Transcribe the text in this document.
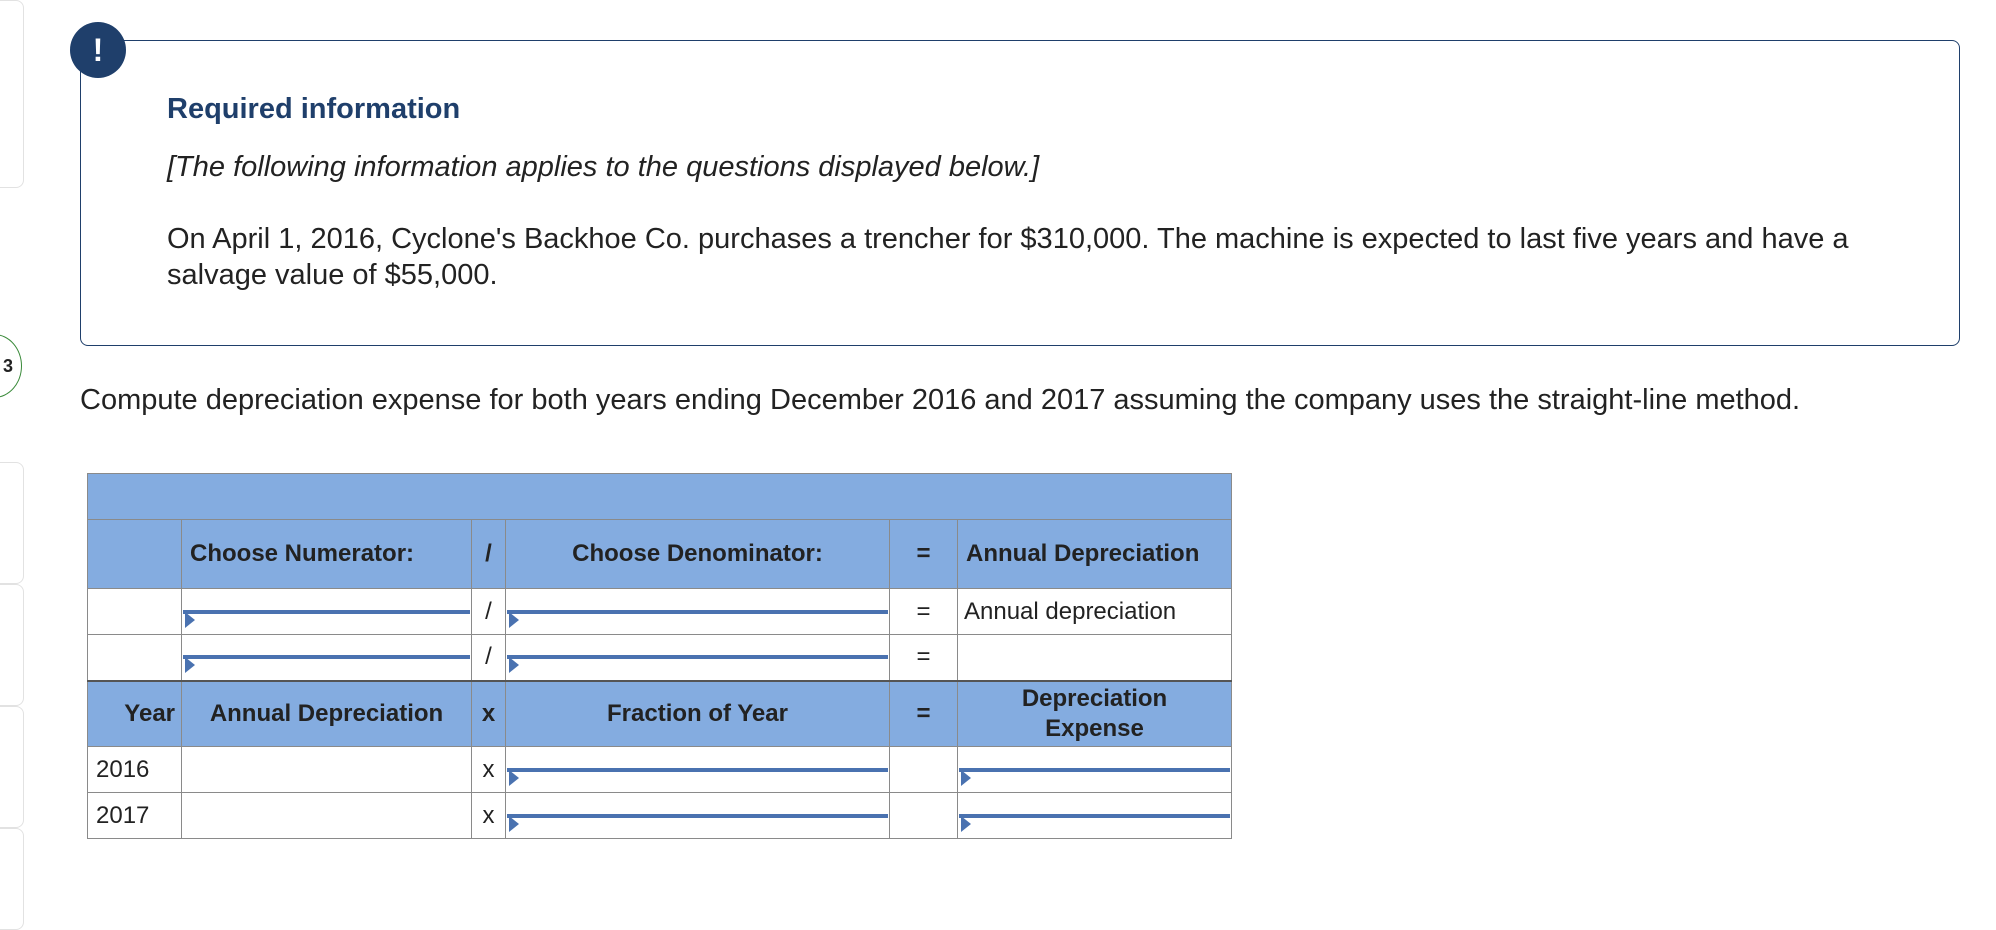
3
Required information
[The following information applies to the questions displayed below.]
On April 1, 2016, Cyclone's Backhoe Co. purchases a trencher for $310,000. The machine is expected to last five years and have a salvage value of $55,000.
!
Compute depreciation expense for both years ending December 2016 and 2017 assuming the company uses the straight-line method.

	Choose Numerator:	/	Choose Denominator:	=	Annual Depreciation

	/		=	Annual depreciation

	/		=	

Year	Annual Depreciation	x	Fraction of Year	=	Depreciation Expense
2016		x	

2017		x	
